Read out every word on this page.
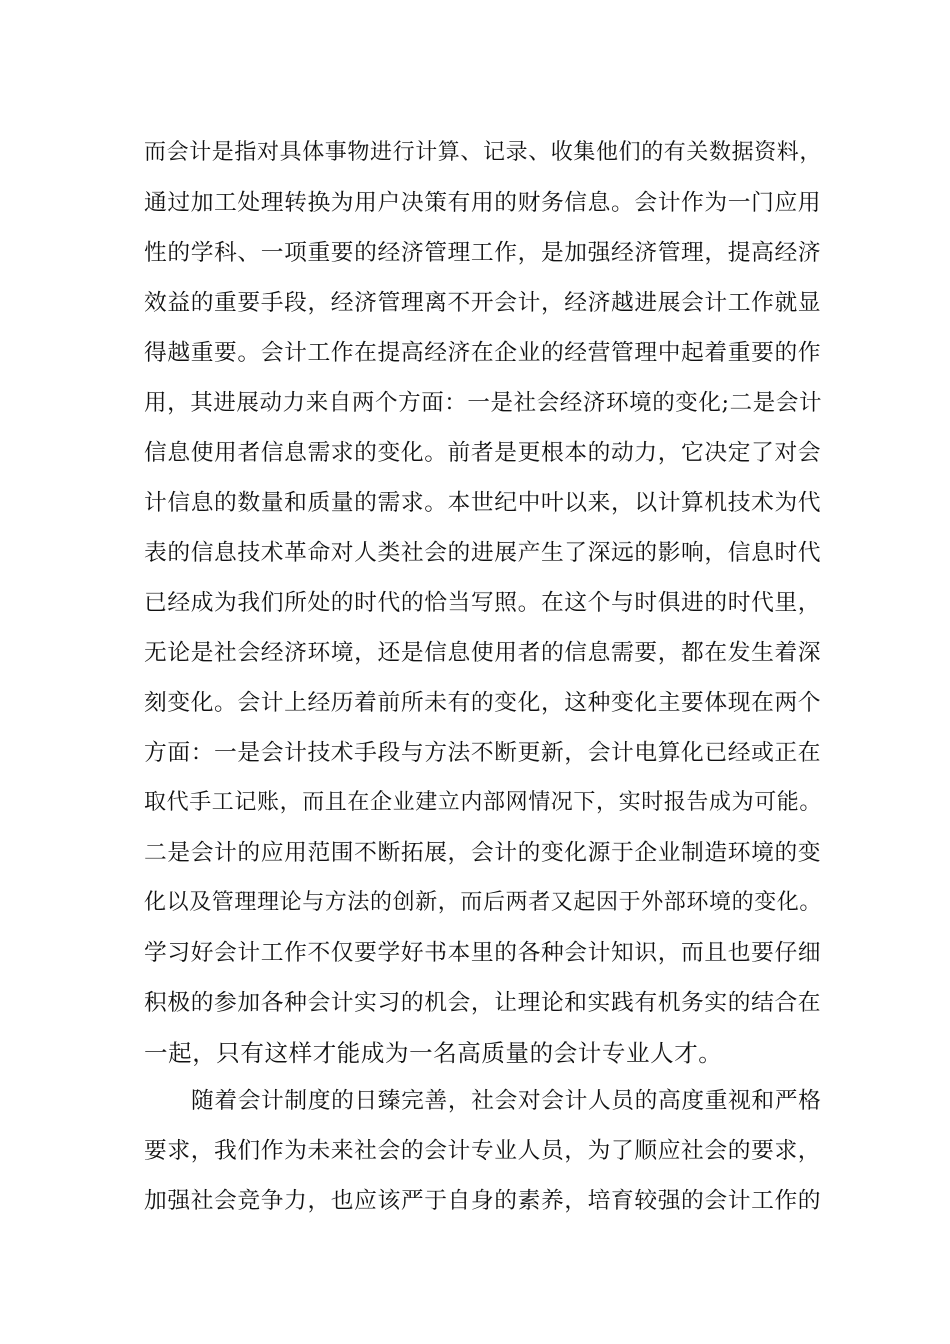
而会计是指对具体事物进行计算、记录、收集他们的有关数据资料，
通过加工处理转换为用户决策有用的财务信息。会计作为一门应用
性的学科、一项重要的经济管理工作，是加强经济管理，提高经济
效益的重要手段，经济管理离不开会计，经济越进展会计工作就显
得越重要。会计工作在提高经济在企业的经营管理中起着重要的作
用，其进展动力来自两个方面：一是社会经济环境的变化;二是会计
信息使用者信息需求的变化。前者是更根本的动力，它决定了对会
计信息的数量和质量的需求。本世纪中叶以来，以计算机技术为代
表的信息技术革命对人类社会的进展产生了深远的影响，信息时代
已经成为我们所处的时代的恰当写照。在这个与时俱进的时代里，
无论是社会经济环境，还是信息使用者的信息需要，都在发生着深
刻变化。会计上经历着前所未有的变化，这种变化主要体现在两个
方面：一是会计技术手段与方法不断更新，会计电算化已经或正在
取代手工记账，而且在企业建立内部网情况下，实时报告成为可能。
二是会计的应用范围不断拓展，会计的变化源于企业制造环境的变
化以及管理理论与方法的创新，而后两者又起因于外部环境的变化。
学习好会计工作不仅要学好书本里的各种会计知识，而且也要仔细
积极的参加各种会计实习的机会，让理论和实践有机务实的结合在
一起，只有这样才能成为一名高质量的会计专业人才。
随着会计制度的日臻完善，社会对会计人员的高度重视和严格
要求，我们作为未来社会的会计专业人员，为了顺应社会的要求，
加强社会竞争力，也应该严于自身的素养，培育较强的会计工作的
